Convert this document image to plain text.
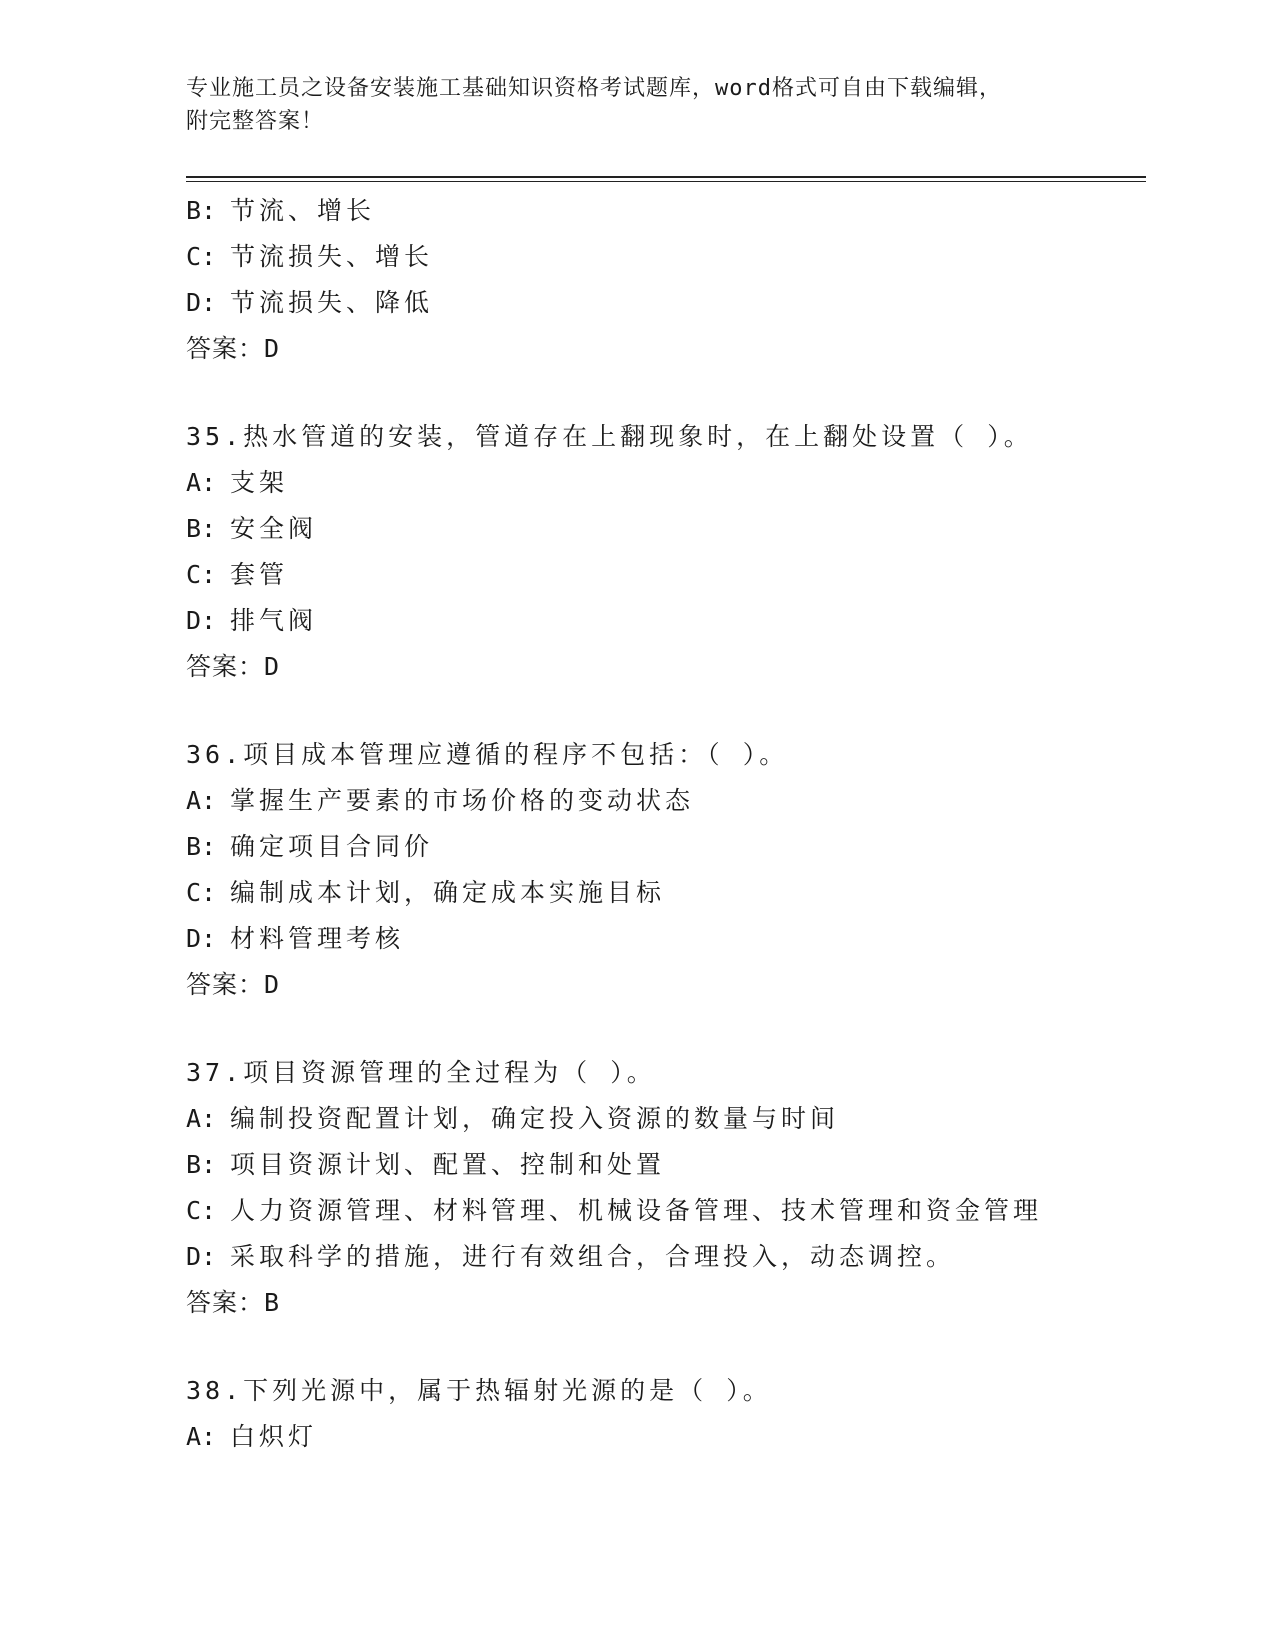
专业施工员之设备安装施工基础知识资格考试题库，word格式可自由下载编辑，
附完整答案！
B: 节流、增长
C: 节流损失、增长
D: 节流损失、降低
答案：D
35.热水管道的安装，管道存在上翻现象时，在上翻处设置（ ）。
A: 支架
B: 安全阀
C: 套管
D: 排气阀
答案：D
36.项目成本管理应遵循的程序不包括：（ ）。
A: 掌握生产要素的市场价格的变动状态
B: 确定项目合同价
C: 编制成本计划，确定成本实施目标
D: 材料管理考核
答案：D
37.项目资源管理的全过程为（ ）。
A: 编制投资配置计划，确定投入资源的数量与时间
B: 项目资源计划、配置、控制和处置
C: 人力资源管理、材料管理、机械设备管理、技术管理和资金管理
D: 采取科学的措施，进行有效组合，合理投入，动态调控。
答案：B
38.下列光源中，属于热辐射光源的是（ ）。
A: 白炽灯
